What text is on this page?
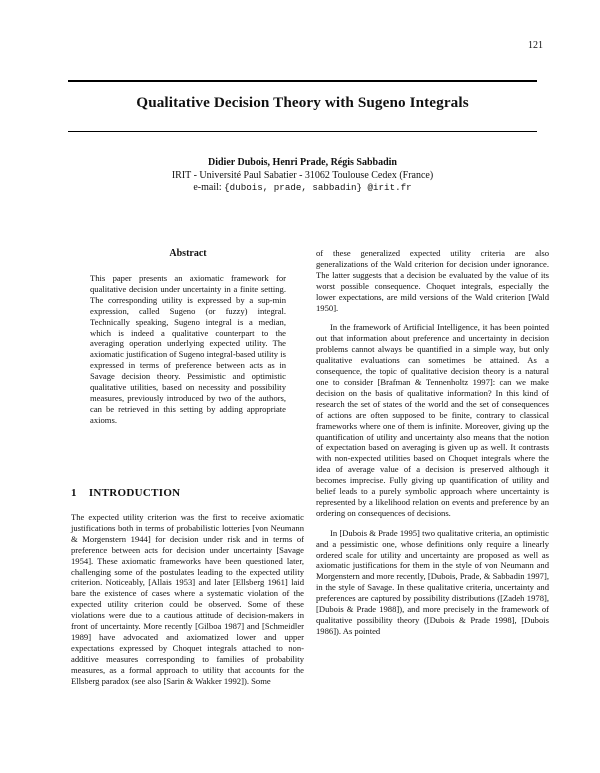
121
Qualitative Decision Theory with Sugeno Integrals
Didier Dubois, Henri Prade, Régis Sabbadin
IRIT - Université Paul Sabatier - 31062 Toulouse Cedex (France)
e-mail: {dubois, prade, sabbadin} @irit.fr
Abstract

This paper presents an axiomatic framework for qualitative decision under uncertainty in a finite setting. The corresponding utility is expressed by a sup-min expression, called Sugeno (or fuzzy) integral. Technically speaking, Sugeno integral is a median, which is indeed a qualitative counterpart to the averaging operation underlying expected utility. The axiomatic justification of Sugeno integral-based utility is expressed in terms of preference between acts as in Savage decision theory. Pessimistic and optimistic qualitative utilities, based on necessity and possibility measures, previously introduced by two of the authors, can be retrieved in this setting by adding appropriate axioms.

1 INTRODUCTION

The expected utility criterion was the first to receive axiomatic justifications both in terms of probabilistic lotteries [von Neumann & Morgenstern 1944] for decision under risk and in terms of preference between acts for decision under uncertainty [Savage 1954]. These axiomatic frameworks have been questioned later, challenging some of the postulates leading to the expected utility criterion. Noticeably, [Allais 1953] and later [Ellsberg 1961] laid bare the existence of cases where a systematic violation of the expected utility criterion could be observed. Some of these violations were due to a cautious attitude of decision-makers in front of uncertainty. More recently [Gilboa 1987] and [Schmeidler 1989] have advocated and axiomatized lower and upper expectations expressed by Choquet integrals attached to non-additive measures corresponding to families of probability measures, as a formal approach to utility that accounts for the Ellsberg paradox (see also [Sarin & Wakker 1992]). Some

of these generalized expected utility criteria are also generalizations of the Wald criterion for decision under ignorance. The latter suggests that a decision be evaluated by the value of its worst possible consequence. Choquet integrals, especially the lower expectations, are mild versions of the Wald criterion [Wald 1950].

In the framework of Artificial Intelligence, it has been pointed out that information about preference and uncertainty in decision problems cannot always be quantified in a simple way, but only qualitative evaluations can sometimes be attained. As a consequence, the topic of qualitative decision theory is a natural one to consider [Brafman & Tennenholtz 1997]: can we make decision on the basis of qualitative information? In this kind of research the set of states of the world and the set of consequences of actions are often supposed to be finite, contrary to classical frameworks where one of them is infinite. Moreover, giving up the quantification of utility and uncertainty also means that the notion of expectation based on averaging is given up as well. It contrasts with non-expected utilities based on Choquet integrals where the idea of average value of a decision is preserved although it becomes imprecise. Fully giving up quantification of utility and belief leads to a purely symbolic approach where uncertainty is represented by a likelihood relation on events and preference by an ordering on consequences of decisions.

In [Dubois & Prade 1995] two qualitative criteria, an optimistic and a pessimistic one, whose definitions only require a linearly ordered scale for utility and uncertainty are proposed as well as axiomatic justifications for them in the style of von Neumann and Morgenstern and more recently, [Dubois, Prade, & Sabbadin 1997], in the style of Savage. In these qualitative criteria, uncertainty and preferences are captured by possibility distributions ([Zadeh 1978], [Dubois & Prade 1988]), and more precisely in the framework of qualitative possibility theory ([Dubois & Prade 1998], [Dubois 1986]). As pointed
